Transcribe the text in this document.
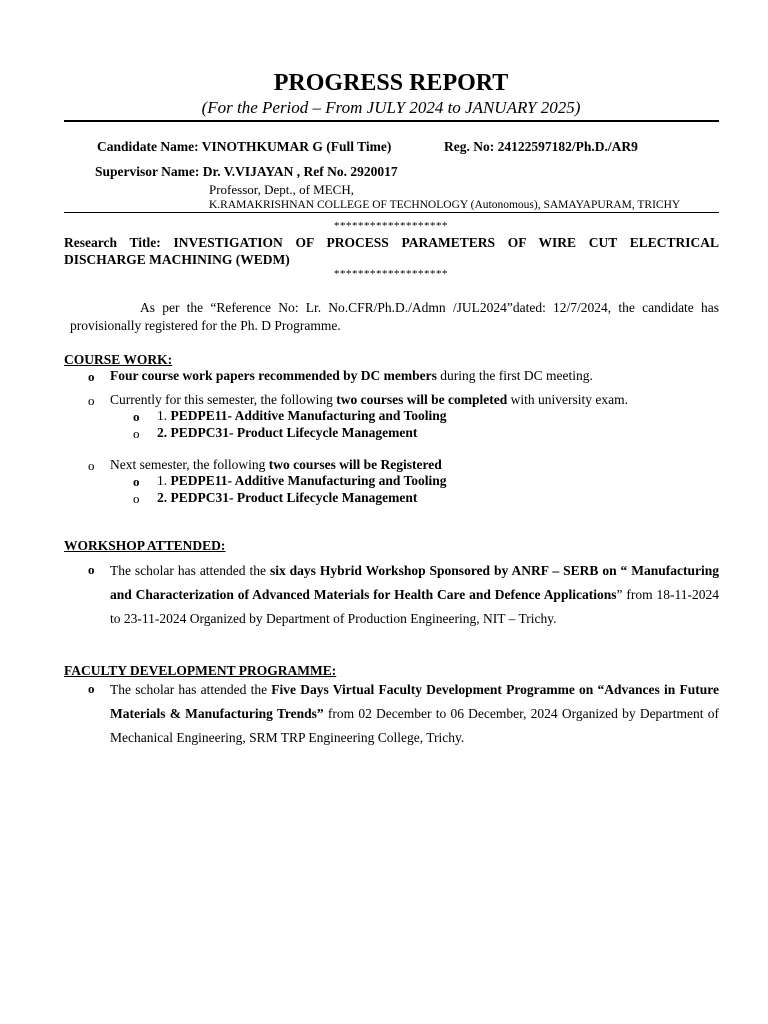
PROGRESS REPORT
(For the Period – From JULY 2024 to JANUARY 2025)
Candidate Name: VINOTHKUMAR G (Full Time)	Reg. No: 24122597182/Ph.D./AR9
Supervisor Name: Dr. V.VIJAYAN , Ref No. 2920017
Professor, Dept., of MECH,
K.RAMAKRISHNAN COLLEGE OF TECHNOLOGY (Autonomous), SAMAYAPURAM, TRICHY
*******************
Research Title: INVESTIGATION OF PROCESS PARAMETERS OF WIRE CUT ELECTRICAL DISCHARGE MACHINING (WEDM)
*******************
As per the “Reference No: Lr. No.CFR/Ph.D./Admn /JUL2024”dated: 12/7/2024, the candidate has provisionally registered for the Ph. D Programme.
COURSE WORK:
o Four course work papers recommended by DC members during the first DC meeting.
o Currently for this semester, the following two courses will be completed with university exam.
o 1. PEDPE11- Additive Manufacturing and Tooling
o 2. PEDPC31- Product Lifecycle Management
o Next semester, the following two courses will be Registered
o 1. PEDPE11- Additive Manufacturing and Tooling
o 2. PEDPC31- Product Lifecycle Management
WORKSHOP ATTENDED:
o The scholar has attended the six days Hybrid Workshop Sponsored by ANRF – SERB on “ Manufacturing and Characterization of Advanced Materials for Health Care and Defence Applications” from 18-11-2024 to 23-11-2024 Organized by Department of Production Engineering, NIT – Trichy.
FACULTY DEVELOPMENT PROGRAMME:
o The scholar has attended the Five Days Virtual Faculty Development Programme on “Advances in Future Materials & Manufacturing Trends” from 02 December to 06 December, 2024 Organized by Department of Mechanical Engineering, SRM TRP Engineering College, Trichy.
